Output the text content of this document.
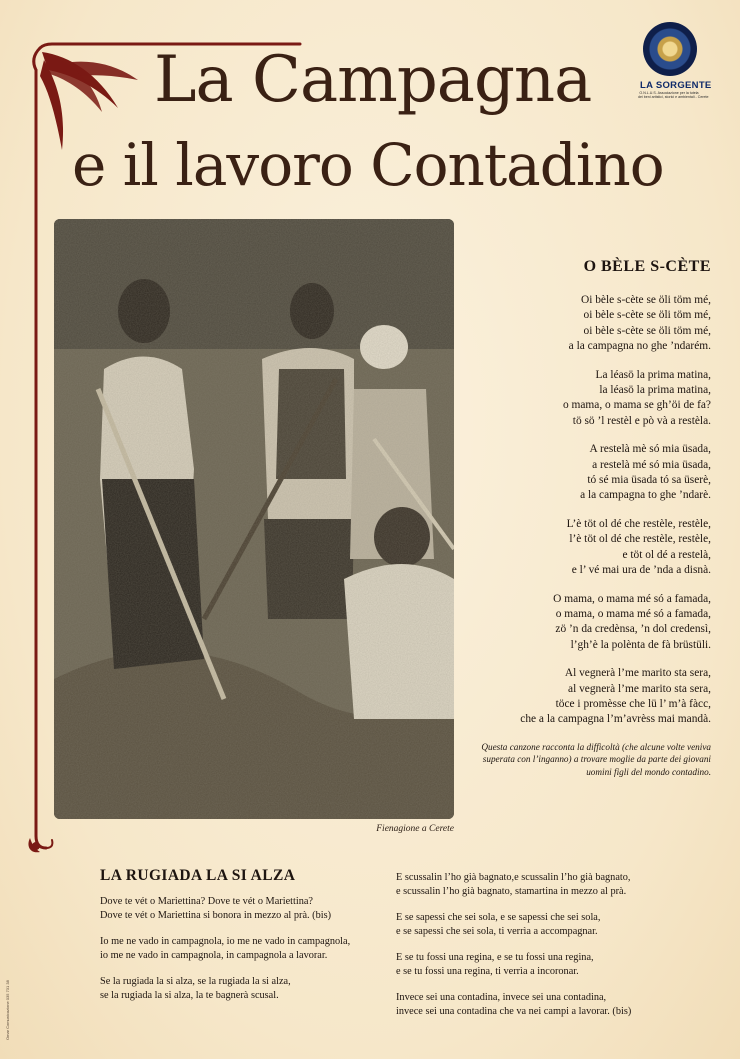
La Campagna
e il lavoro Contadino
LA SORGENTE
O.N.L.U.S. Associazione per la tutela
dei beni artistici, storici e ambientali - Cerete
Fienagione a Cerete
O BÈLE S-CÈTE
Oi bèle s-cète se öli töm mé,
oi bèle s-cète se öli töm mé,
oi bèle s-cète se öli töm mé,
a la campagna no ghe ’ndarém.
La léasö la prima matina,
la léasö la prima matina,
o mama, o mama se gh’öi de fa?
tö sö ’l restèl e pò và a restèla.
A restelà mè só mia üsada,
a restelà mé só mia üsada,
tó sé mia üsada tó sa üserè,
a la campagna to ghe ’ndarè.
L’è töt ol dé che restèle, restèle,
l’è töt ol dé che restèle, restèle,
e töt ol dé a restelà,
e l’ vé mai ura de ’nda a disnà.
O mama, o mama mé só a famada,
o mama, o mama mé só a famada,
zö ’n da credènsa, ’n dol credensì,
l’gh’è la polènta de fà brüstüli.
Al vegnerà l’me marito sta sera,
al vegnerà l’me marito sta sera,
töce i promèsse che lü l’ m’à fàcc,
che a la campagna l’m’avrèss mai mandà.
Questa canzone racconta la difficoltà (che alcune volte veniva
superata con l’inganno) a trovare moglie da parte dei giovani
uomini figli del mondo contadino.
LA RUGIADA LA SI ALZA
Dove te vét o Mariettina? Dove te vét o Mariettina?
Dove te vét o Mariettina si bonora in mezzo al prà. (bis)
Io me ne vado in campagnola, io me ne vado in campagnola,
io me ne vado in campagnola, in campagnola a lavorar.
Se la rugiada la si alza, se la rugiada la si alza,
se la rugiada la si alza, la te bagnerà scusal.
E scussalin l’ho già bagnato,e scussalin l’ho già bagnato,
e scussalin l’ho già bagnato, stamartina in mezzo al prà.
E se sapessi che sei sola, e se sapessi che sei sola,
e se sapessi che sei sola, ti verrìa a accompagnar.
E se tu fossi una regina, e se tu fossi una regina,
e se tu fossi una regina, ti verrìa a incoronar.
Invece sei una contadina, invece sei una contadina,
invece sei una contadina che va nei campi a lavorar. (bis)
Omar Comunicazione 035 731 38
